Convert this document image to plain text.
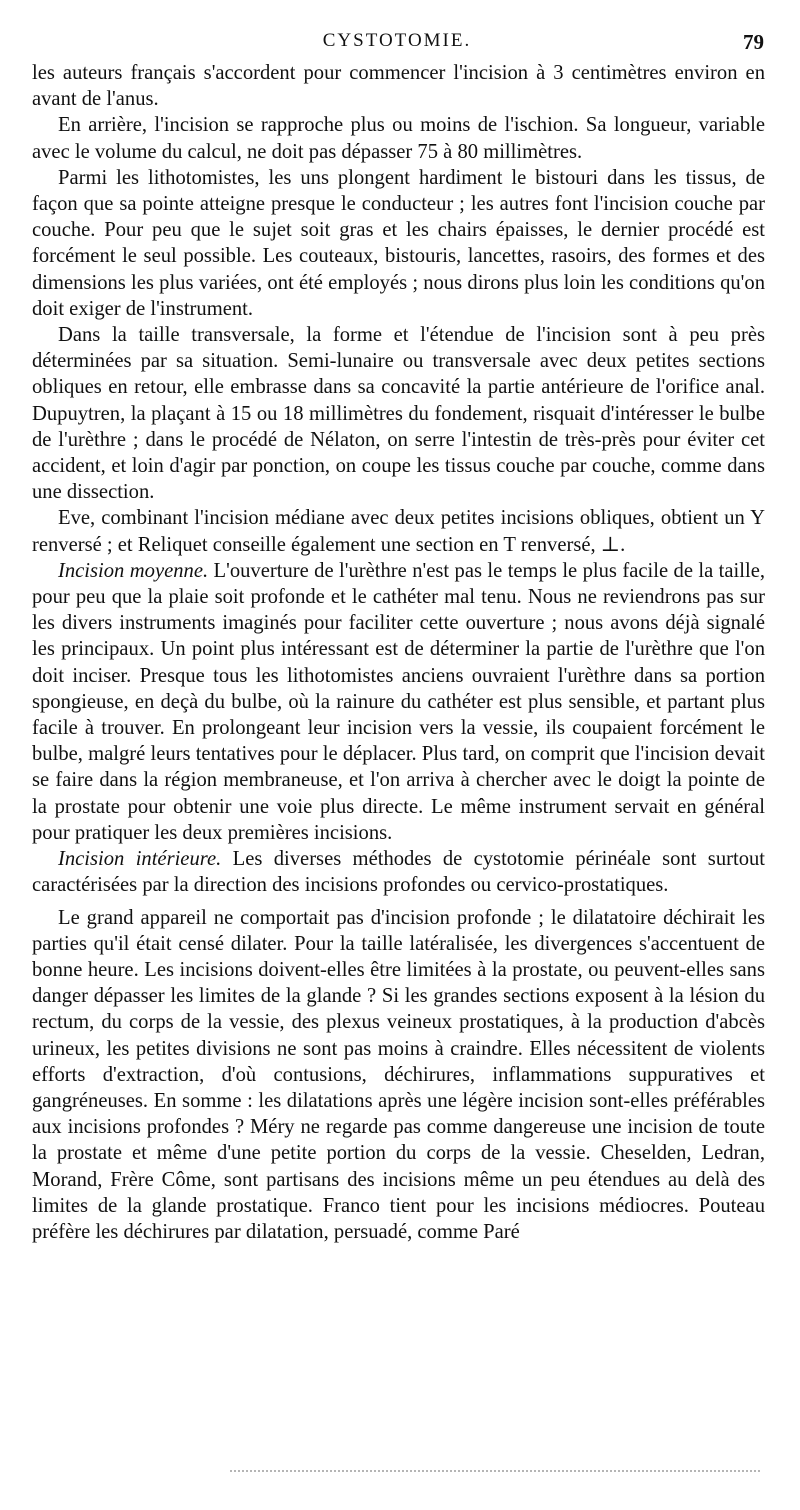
CYSTOTOMIE.	79

les auteurs français s'accordent pour commencer l'incision à 3 centimètres environ en avant de l'anus.

En arrière, l'incision se rapproche plus ou moins de l'ischion. Sa longueur, variable avec le volume du calcul, ne doit pas dépasser 75 à 80 millimètres.

Parmi les lithotomistes, les uns plongent hardiment le bistouri dans les tissus, de façon que sa pointe atteigne presque le conducteur ; les autres font l'incision couche par couche. Pour peu que le sujet soit gras et les chairs épaisses, le dernier procédé est forcément le seul possible. Les couteaux, bistouris, lancettes, rasoirs, des formes et des dimensions les plus variées, ont été employés ; nous dirons plus loin les conditions qu'on doit exiger de l'instrument.

Dans la taille transversale, la forme et l'étendue de l'incision sont à peu près déterminées par sa situation. Semi-lunaire ou transversale avec deux petites sections obliques en retour, elle embrasse dans sa concavité la partie antérieure de l'orifice anal. Dupuytren, la plaçant à 15 ou 18 millimètres du fondement, risquait d'intéresser le bulbe de l'urèthre ; dans le procédé de Nélaton, on serre l'intestin de très-près pour éviter cet accident, et loin d'agir par ponction, on coupe les tissus couche par couche, comme dans une dissection.

Eve, combinant l'incision médiane avec deux petites incisions obliques, obtient un Y renversé ; et Reliquet conseille également une section en T renversé, ⊥.

Incision moyenne. L'ouverture de l'urèthre n'est pas le temps le plus facile de la taille, pour peu que la plaie soit profonde et le cathéter mal tenu. Nous ne reviendrons pas sur les divers instruments imaginés pour faciliter cette ouverture ; nous avons déjà signalé les principaux. Un point plus intéressant est de déterminer la partie de l'urèthre que l'on doit inciser. Presque tous les lithotomistes anciens ouvraient l'urèthre dans sa portion spongieuse, en deçà du bulbe, où la rainure du cathéter est plus sensible, et partant plus facile à trouver. En prolongeant leur incision vers la vessie, ils coupaient forcément le bulbe, malgré leurs tentatives pour le déplacer. Plus tard, on comprit que l'incision devait se faire dans la région membraneuse, et l'on arriva à chercher avec le doigt la pointe de la prostate pour obtenir une voie plus directe. Le même instrument servait en général pour pratiquer les deux premières incisions.

Incision intérieure. Les diverses méthodes de cystotomie périnéale sont surtout caractérisées par la direction des incisions profondes ou cervico-prostatiques.

Le grand appareil ne comportait pas d'incision profonde ; le dilatatoire déchirait les parties qu'il était censé dilater. Pour la taille latéralisée, les divergences s'accentuent de bonne heure. Les incisions doivent-elles être limitées à la prostate, ou peuvent-elles sans danger dépasser les limites de la glande ? Si les grandes sections exposent à la lésion du rectum, du corps de la vessie, des plexus veineux prostatiques, à la production d'abcès urineux, les petites divisions ne sont pas moins à craindre. Elles nécessitent de violents efforts d'extraction, d'où contusions, déchirures, inflammations suppuratives et gangréneuses. En somme : les dilatations après une légère incision sont-elles préférables aux incisions profondes ? Méry ne regarde pas comme dangereuse une incision de toute la prostate et même d'une petite portion du corps de la vessie. Cheselden, Ledran, Morand, Frère Côme, sont partisans des incisions même un peu étendues au delà des limites de la glande prostatique. Franco tient pour les incisions médiocres. Pouteau préfère les déchirures par dilatation, persuadé, comme Paré
